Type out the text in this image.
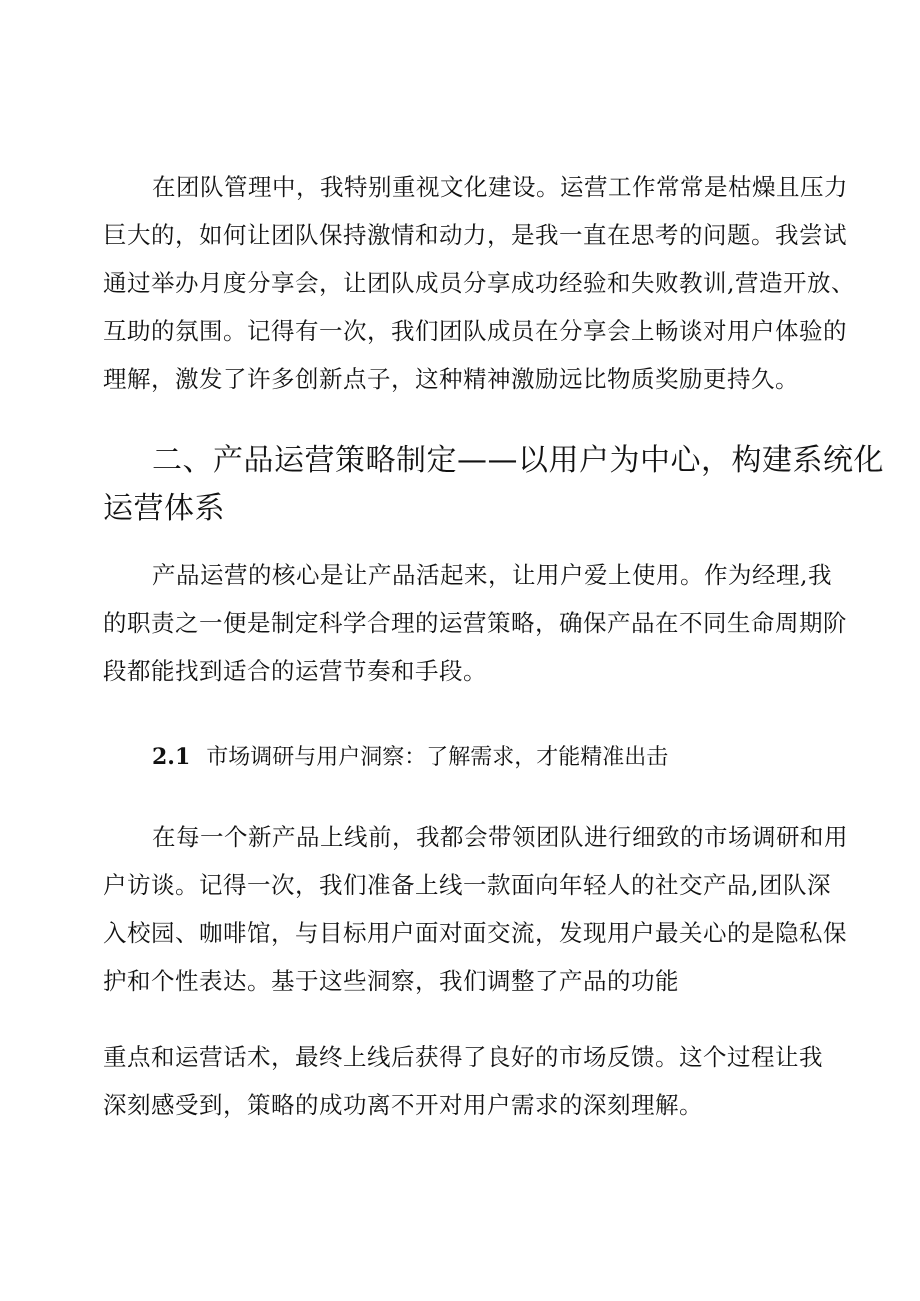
在团队管理中，我特别重视文化建设。运营工作常常是枯燥且压力

巨大的，如何让团队保持激情和动力，是我一直在思考的问题。我尝试

通过举办月度分享会，让团队成员分享成功经验和失败教训,营造开放、

互助的氛围。记得有一次，我们团队成员在分享会上畅谈对用户体验的

理解，激发了许多创新点子，这种精神激励远比物质奖励更持久。

二、产品运营策略制定——以用户为中心，构建系统化

运营体系

产品运营的核心是让产品活起来，让用户爱上使用。作为经理,我

的职责之一便是制定科学合理的运营策略，确保产品在不同生命周期阶

段都能找到适合的运营节奏和手段。

2.1 市场调研与用户洞察：了解需求，才能精准出击

在每一个新产品上线前，我都会带领团队进行细致的市场调研和用

户访谈。记得一次，我们准备上线一款面向年轻人的社交产品,团队深

入校园、咖啡馆，与目标用户面对面交流，发现用户最关心的是隐私保

护和个性表达。基于这些洞察，我们调整了产品的功能

重点和运营话术，最终上线后获得了良好的市场反馈。这个过程让我

深刻感受到，策略的成功离不开对用户需求的深刻理解。
